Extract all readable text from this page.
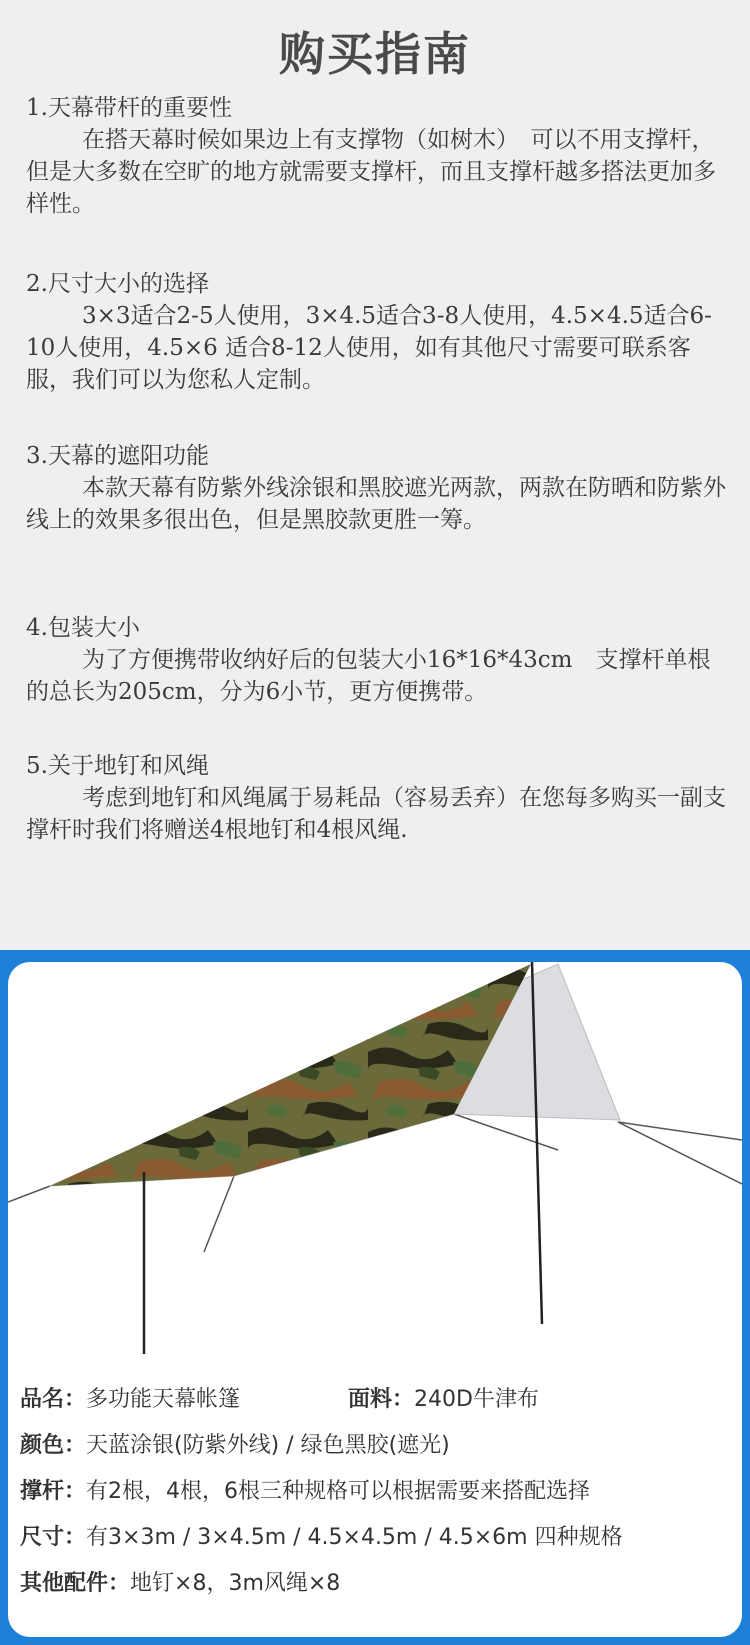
购买指南
1.天幕带杆的重要性
在搭天幕时候如果边上有支撑物（如树木）　可以不用支撑杆，但是大多数在空旷的地方就需要支撑杆，而且支撑杆越多搭法更加多样性。
2.尺寸大小的选择
3×3适合2-5人使用，3×4.5适合3-8人使用，4.5×4.5适合6-10人使用，4.5×6 适合8-12人使用，如有其他尺寸需要可联系客服，我们可以为您私人定制。
3.天幕的遮阳功能
本款天幕有防紫外线涂银和黑胶遮光两款，两款在防晒和防紫外线上的效果多很出色，但是黑胶款更胜一筹。
4.包装大小
为了方便携带收纳好后的包装大小16*16*43cm　支撑杆单根的总长为205cm，分为6小节，更方便携带。
5.关于地钉和风绳
考虑到地钉和风绳属于易耗品（容易丢弃）在您每多购买一副支撑杆时我们将赠送4根地钉和4根风绳.
品名：多功能天幕帐篷	面料：240D牛津布
颜色：天蓝涂银(防紫外线) / 绿色黑胶(遮光)
撑杆：有2根，4根，6根三种规格可以根据需要来搭配选择
尺寸：有3×3m / 3×4.5m / 4.5×4.5m / 4.5×6m 四种规格
其他配件：地钉×8，3m风绳×8
